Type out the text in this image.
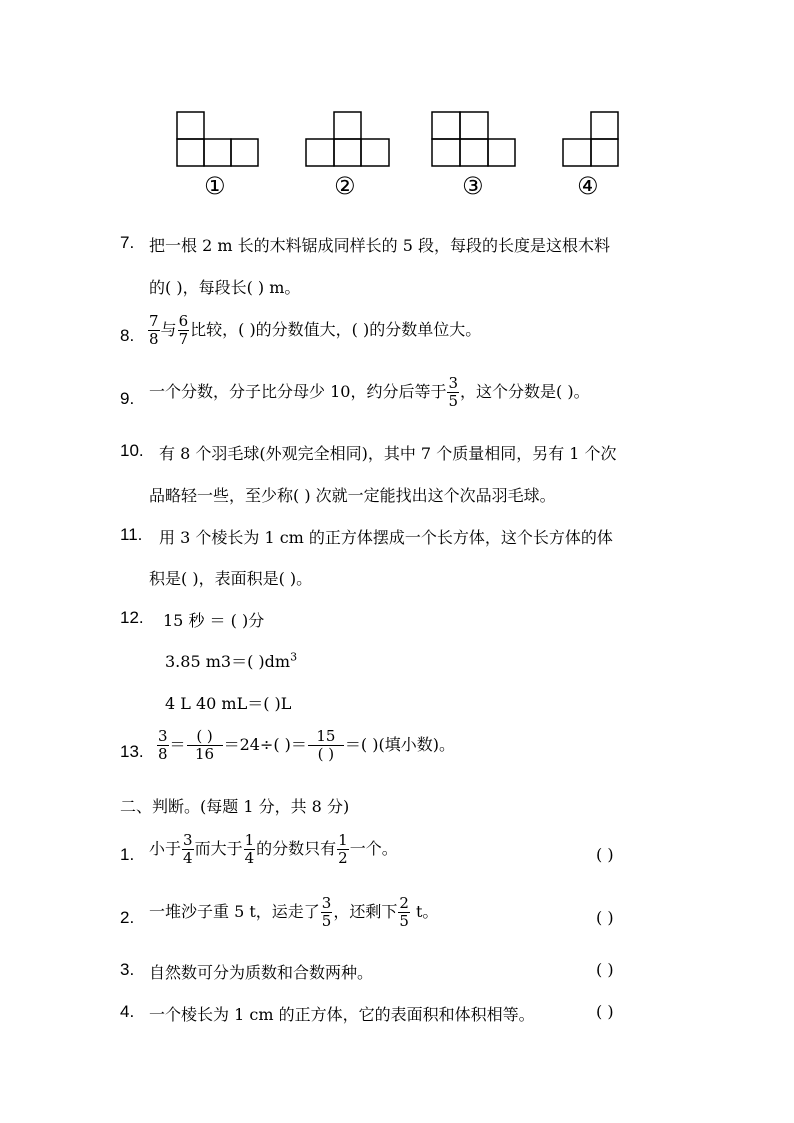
①	②	③	④
7. 把一根 2 m 长的木料锯成同样长的 5 段，每段的长度是这根木料
的( )，每段长( ) m。
8. $\frac{7}{8}$ 与 $\frac{6}{7}$ 比较，( )的分数值大，( )的分数单位大。
9. 一个分数，分子比分母少 10，约分后等于 $\frac{3}{5}$ ，这个分数是( )。
10. 有 8 个羽毛球(外观完全相同)，其中 7 个质量相同，另有 1 个次
品略轻一些，至少称( ) 次就一定能找出这个次品羽毛球。
11. 用 3 个棱长为 1 cm 的正方体摆成一个长方体，这个长方体的体
积是( )，表面积是( )。
12. 15 秒 ＝ ( )分
3.85 m3＝( )$dm^3$
4 L 40 mL＝( )L
13. $\frac{3}{8} = \frac{( )}{16} =24\div$( )＝ $\frac{15}{( )}$ ＝( )(填小数)。
二、判断。(每题 1 分，共 8 分)
1. 小于 $\frac{3}{4}$ 而大于 $\frac{1}{4}$ 的分数只有 $\frac{1}{2}$ 一个。	( )
2. 一堆沙子重 5 t，运走了 $\frac{3}{5}$ ，还剩下 $\frac{2}{5}$ t。	( )
3. 自然数可分为质数和合数两种。	( )
4. 一个棱长为 1 cm 的正方体，它的表面积和体积相等。	( )
